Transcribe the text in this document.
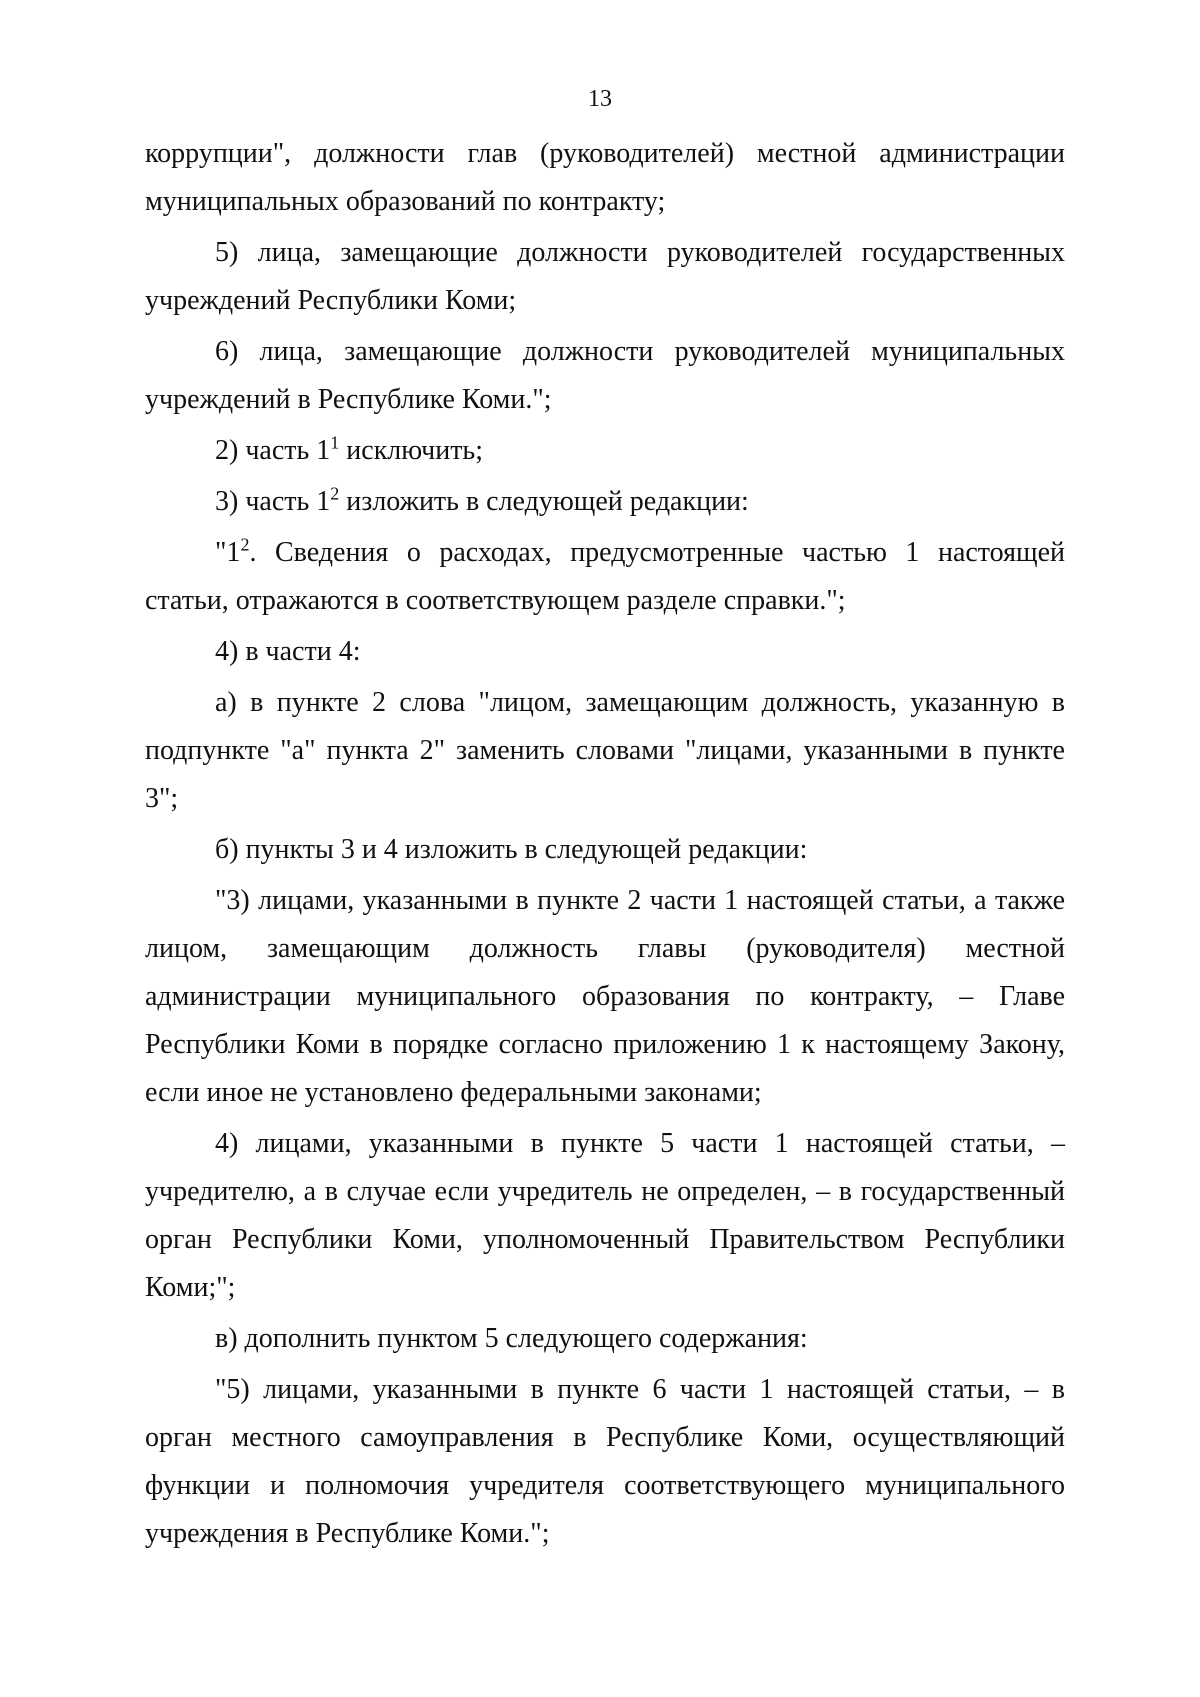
13

коррупции", должности глав (руководителей) местной администрации муниципальных образований по контракту;

5) лица, замещающие должности руководителей государственных учреждений Республики Коми;

6) лица, замещающие должности руководителей муниципальных учреждений в Республике Коми.";

2) часть $1^1$ исключить;

3) часть $1^2$ изложить в следующей редакции:

"$1^2$. Сведения о расходах, предусмотренные частью 1 настоящей статьи, отражаются в соответствующем разделе справки.";

4) в части 4:

а) в пункте 2 слова "лицом, замещающим должность, указанную в подпункте "а" пункта 2" заменить словами "лицами, указанными в пункте 3";

б) пункты 3 и 4 изложить в следующей редакции:

"3) лицами, указанными в пункте 2 части 1 настоящей статьи, а также лицом, замещающим должность главы (руководителя) местной администрации муниципального образования по контракту, – Главе Республики Коми в порядке согласно приложению 1 к настоящему Закону, если иное не установлено федеральными законами;

4) лицами, указанными в пункте 5 части 1 настоящей статьи, – учредителю, а в случае если учредитель не определен, – в государственный орган Республики Коми, уполномоченный Правительством Республики Коми;";

в) дополнить пунктом 5 следующего содержания:

"5) лицами, указанными в пункте 6 части 1 настоящей статьи, – в орган местного самоуправления в Республике Коми, осуществляющий функции и полномочия учредителя соответствующего муниципального учреждения в Республике Коми.";
